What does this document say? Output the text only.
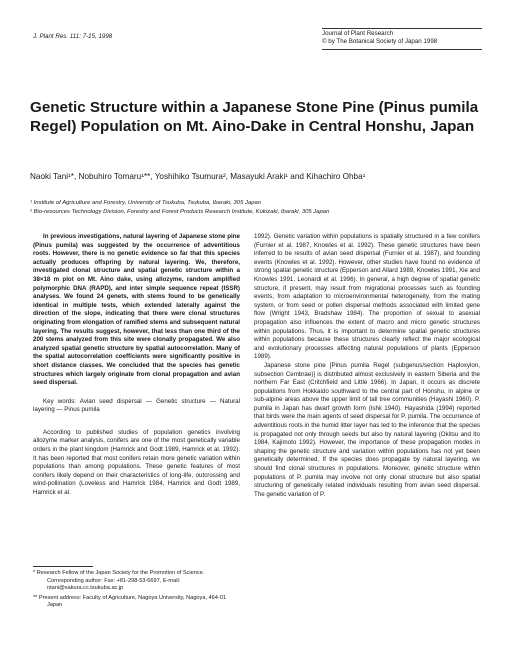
J. Plant Res. 111: 7-15, 1998	Journal of Plant Research
© by The Botanical Society of Japan 1998
Genetic Structure within a Japanese Stone Pine (Pinus pumila Regel) Population on Mt. Aino-Dake in Central Honshu, Japan
Naoki Tani¹*, Nobuhiro Tomaru¹**, Yoshihiko Tsumura², Masayuki Araki¹ and Kihachiro Ohba¹

¹ Institute of Agriculture and Forestry, University of Tsukuba, Tsukuba, Ibaraki, 305 Japan

² Bio-resources Technology Division, Forestry and Forest Products Research Institute, Kukizaki, Ibaraki, 305 Japan

In previous investigations, natural layering of Japanese stone pine (Pinus pumila) was suggested by the occurrence of adventitious roots. However, there is no genetic evidence so far that this species actually produces offspring by natural layering. We, therefore, investigated clonal structure and spatial genetic structure within a 38×18 m plot on Mt. Aino dake, using allozyme, random amplified polymorphic DNA (RAPD), and inter simple sequence repeat (ISSR) analyses. We found 24 genets, with stems found to be genetically identical in multiple tests, which extended laterally against the direction of the slope, indicating that there were clonal structures originating from elongation of ramified stems and subsequent natural layering. The results suggest, however, that less than one third of the 200 stems analyzed from this site were clonally propagated. We also analyzed spatial genetic structure by spatial autocorrelation. Many of the spatial autocorrelation coefficients were significantly positive in short distance classes. We concluded that the species has genetic structures which largely originate from clonal propagation and avian seed dispersal.

Key words: Avian seed dispersal — Genetic structure — Natural layering — Pinus pumila

According to published studies of population genetics involving allozyme marker analysis, conifers are one of the most genetically variable orders in the plant kingdom (Hamrick and Godt 1989, Hamrick et al. 1992). It has been reported that most conifers retain more genetic variation within populations than among populations. These genetic features of most conifers likely depend on their characteristics of long-life, outcrossing and wind-pollination (Loveless and Hamrick 1984, Hamrick and Godt 1989, Hamrick et al.

* Research Fellow of the Japan Society for the Promotion of Science. Corresponding author: Fax: +81-298-53-6697, E-mail: ntani@sakura.cc.tsukuba.ac.jp

** Present address: Faculty of Agriculture, Nagoya University, Nagoya, 464-01 Japan

1992). Genetic variation within populations is spatially structured in a few conifers (Furnier et al. 1987, Knowles et al. 1992). These genetic structures have been inferred to be results of avian seed dispersal (Furnier et al. 1987), and founding events (Knowles et al. 1992). However, other studies have found no evidence of strong spatial genetic structure (Epperson and Allard 1989, Knowles 1991, Xie and Knowles 1991, Leonardi et al. 1996). In general, a high degree of spatial genetic structure, if present, may result from migrational processes such as founding events, from adaptation to microenvironmental heterogeneity, from the mating system, or from seed or pollen dispersal methods associated with limited gene flow (Wright 1943, Bradshaw 1984). The proportion of sexual to asexual propagation also influences the extent of macro and micro genetic structures within populations. Thus, it is important to determine spatial genetic structures within populations because these structures clearly reflect the major ecological and evolutionary processes affecting natural populations of plants (Epperson 1989).

Japanese stone pine [Pinus pumila Regel (subgenus/section Haploxylon, subsection Cembrae)] is distributed almost exclusively in eastern Siberia and the northern Far East (Critchfield and Little 1966). In Japan, it occurs as discrete populations from Hokkaido southward to the central part of Honshu, in alpine or sub-alpine areas above the upper limit of tall tree communities (Hayashi 1960). P. pumila in Japan has dwarf growth form (Ishii 1940). Hayashida (1994) reported that birds were the main agents of seed dispersal for P. pumila. The occurrence of adventitious roots in the humid litter layer has led to the inference that the species is propagated not only through seeds but also by natural layering (Okitsu and Ito 1984, Kajimoto 1992). However, the importance of these propagation modes in shaping the genetic structure and variation within populations has not yet been genetically determined. If the species does propagate by natural layering, we should find clonal structures in populations. Moreover, genetic structure within populations of P. pumila may involve not only clonal structure but also spatial structuring of genetically related individuals resulting from avian seed dispersal. The genetic variation of P.
